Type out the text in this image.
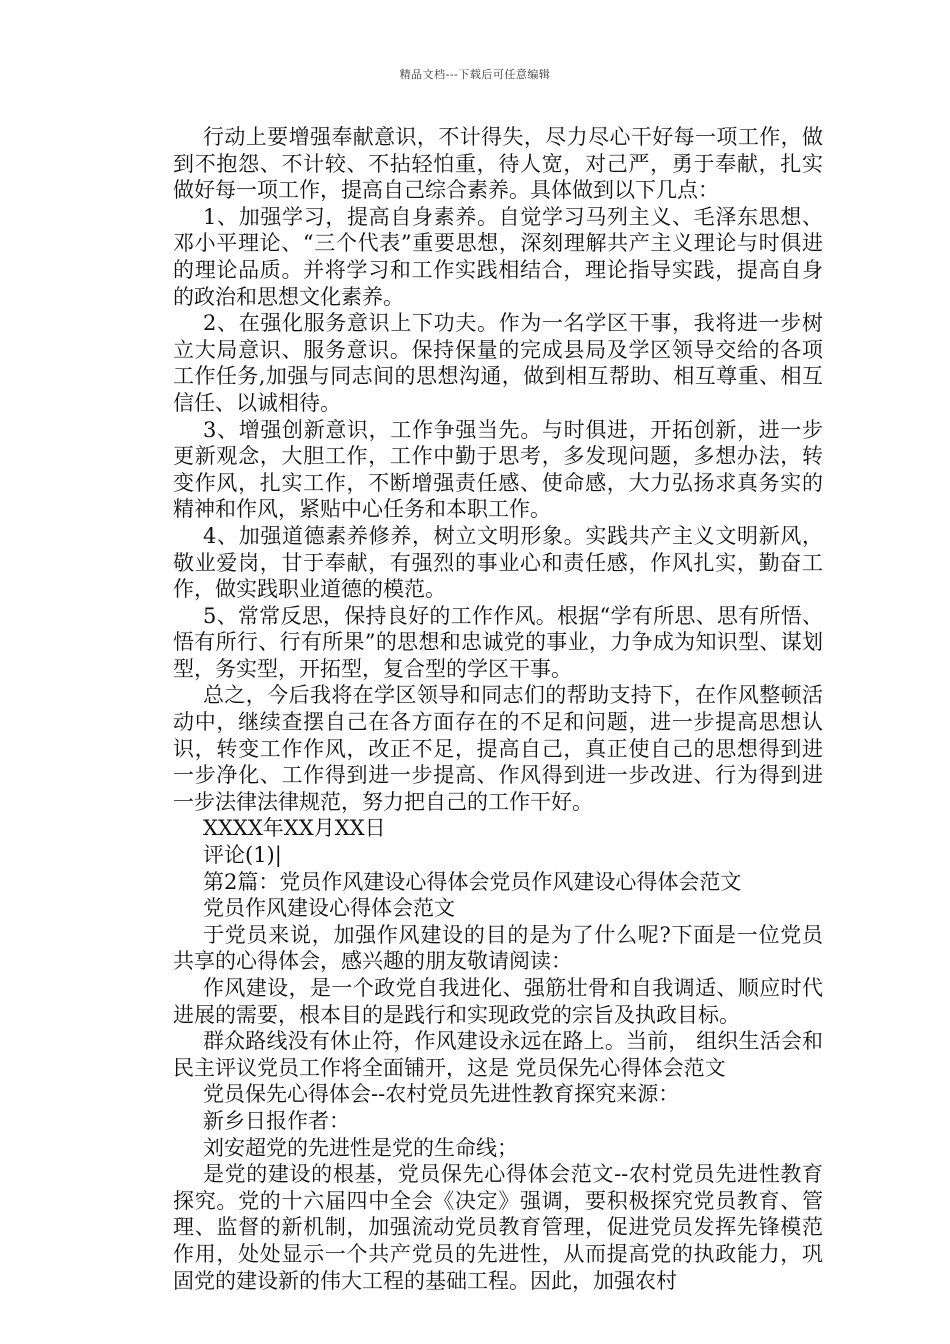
精品文档---下载后可任意编辑

行动上要增强奉献意识，不计得失，尽力尽心干好每一项工作，做到不抱怨、不计较、不拈轻怕重，待人宽，对己严，勇于奉献，扎实做好每一项工作，提高自己综合素养。具体做到以下几点：

1、加强学习，提高自身素养。自觉学习马列主义、毛泽东思想、邓小平理论、“三个代表”重要思想，深刻理解共产主义理论与时俱进的理论品质。并将学习和工作实践相结合，理论指导实践，提高自身的政治和思想文化素养。

2、在强化服务意识上下功夫。作为一名学区干事，我将进一步树立大局意识、服务意识。保持保量的完成县局及学区领导交给的各项工作任务,加强与同志间的思想沟通，做到相互帮助、相互尊重、相互信任、以诚相待。

3、增强创新意识，工作争强当先。与时俱进，开拓创新，进一步更新观念，大胆工作，工作中勤于思考，多发现问题，多想办法，转变作风，扎实工作，不断增强责任感、使命感，大力弘扬求真务实的精神和作风，紧贴中心任务和本职工作。

4、加强道德素养修养，树立文明形象。实践共产主义文明新风，敬业爱岗，甘于奉献，有强烈的事业心和责任感，作风扎实，勤奋工作，做实践职业道德的模范。

5、常常反思，保持良好的工作作风。根据“学有所思、思有所悟、悟有所行、行有所果”的思想和忠诚党的事业，力争成为知识型、谋划型，务实型，开拓型，复合型的学区干事。

总之，今后我将在学区领导和同志们的帮助支持下，在作风整顿活动中，继续查摆自己在各方面存在的不足和问题，进一步提高思想认识，转变工作作风，改正不足，提高自己，真正使自己的思想得到进一步净化、工作得到进一步提高、作风得到进一步改进、行为得到进一步法律法律规范，努力把自己的工作干好。

XXXX年XX月XX日

评论(1)|

第2篇：党员作风建设心得体会党员作风建设心得体会范文

党员作风建设心得体会范文

于党员来说，加强作风建设的目的是为了什么呢?下面是一位党员共享的心得体会，感兴趣的朋友敬请阅读：

作风建设，是一个政党自我进化、强筋壮骨和自我调适、顺应时代进展的需要，根本目的是践行和实现政党的宗旨及执政目标。

群众路线没有休止符，作风建设永远在路上。当前， 组织生活会和民主评议党员工作将全面铺开，这是 党员保先心得体会范文

党员保先心得体会--农村党员先进性教育探究来源：

新乡日报作者：

刘安超党的先进性是党的生命线；

是党的建设的根基，党员保先心得体会范文--农村党员先进性教育探究。党的十六届四中全会《决定》强调，要积极探究党员教育、管理、监督的新机制，加强流动党员教育管理，促进党员发挥先锋模范作用，处处显示一个共产党员的先进性，从而提高党的执政能力，巩固党的建设新的伟大工程的基础工程。因此，加强农村
